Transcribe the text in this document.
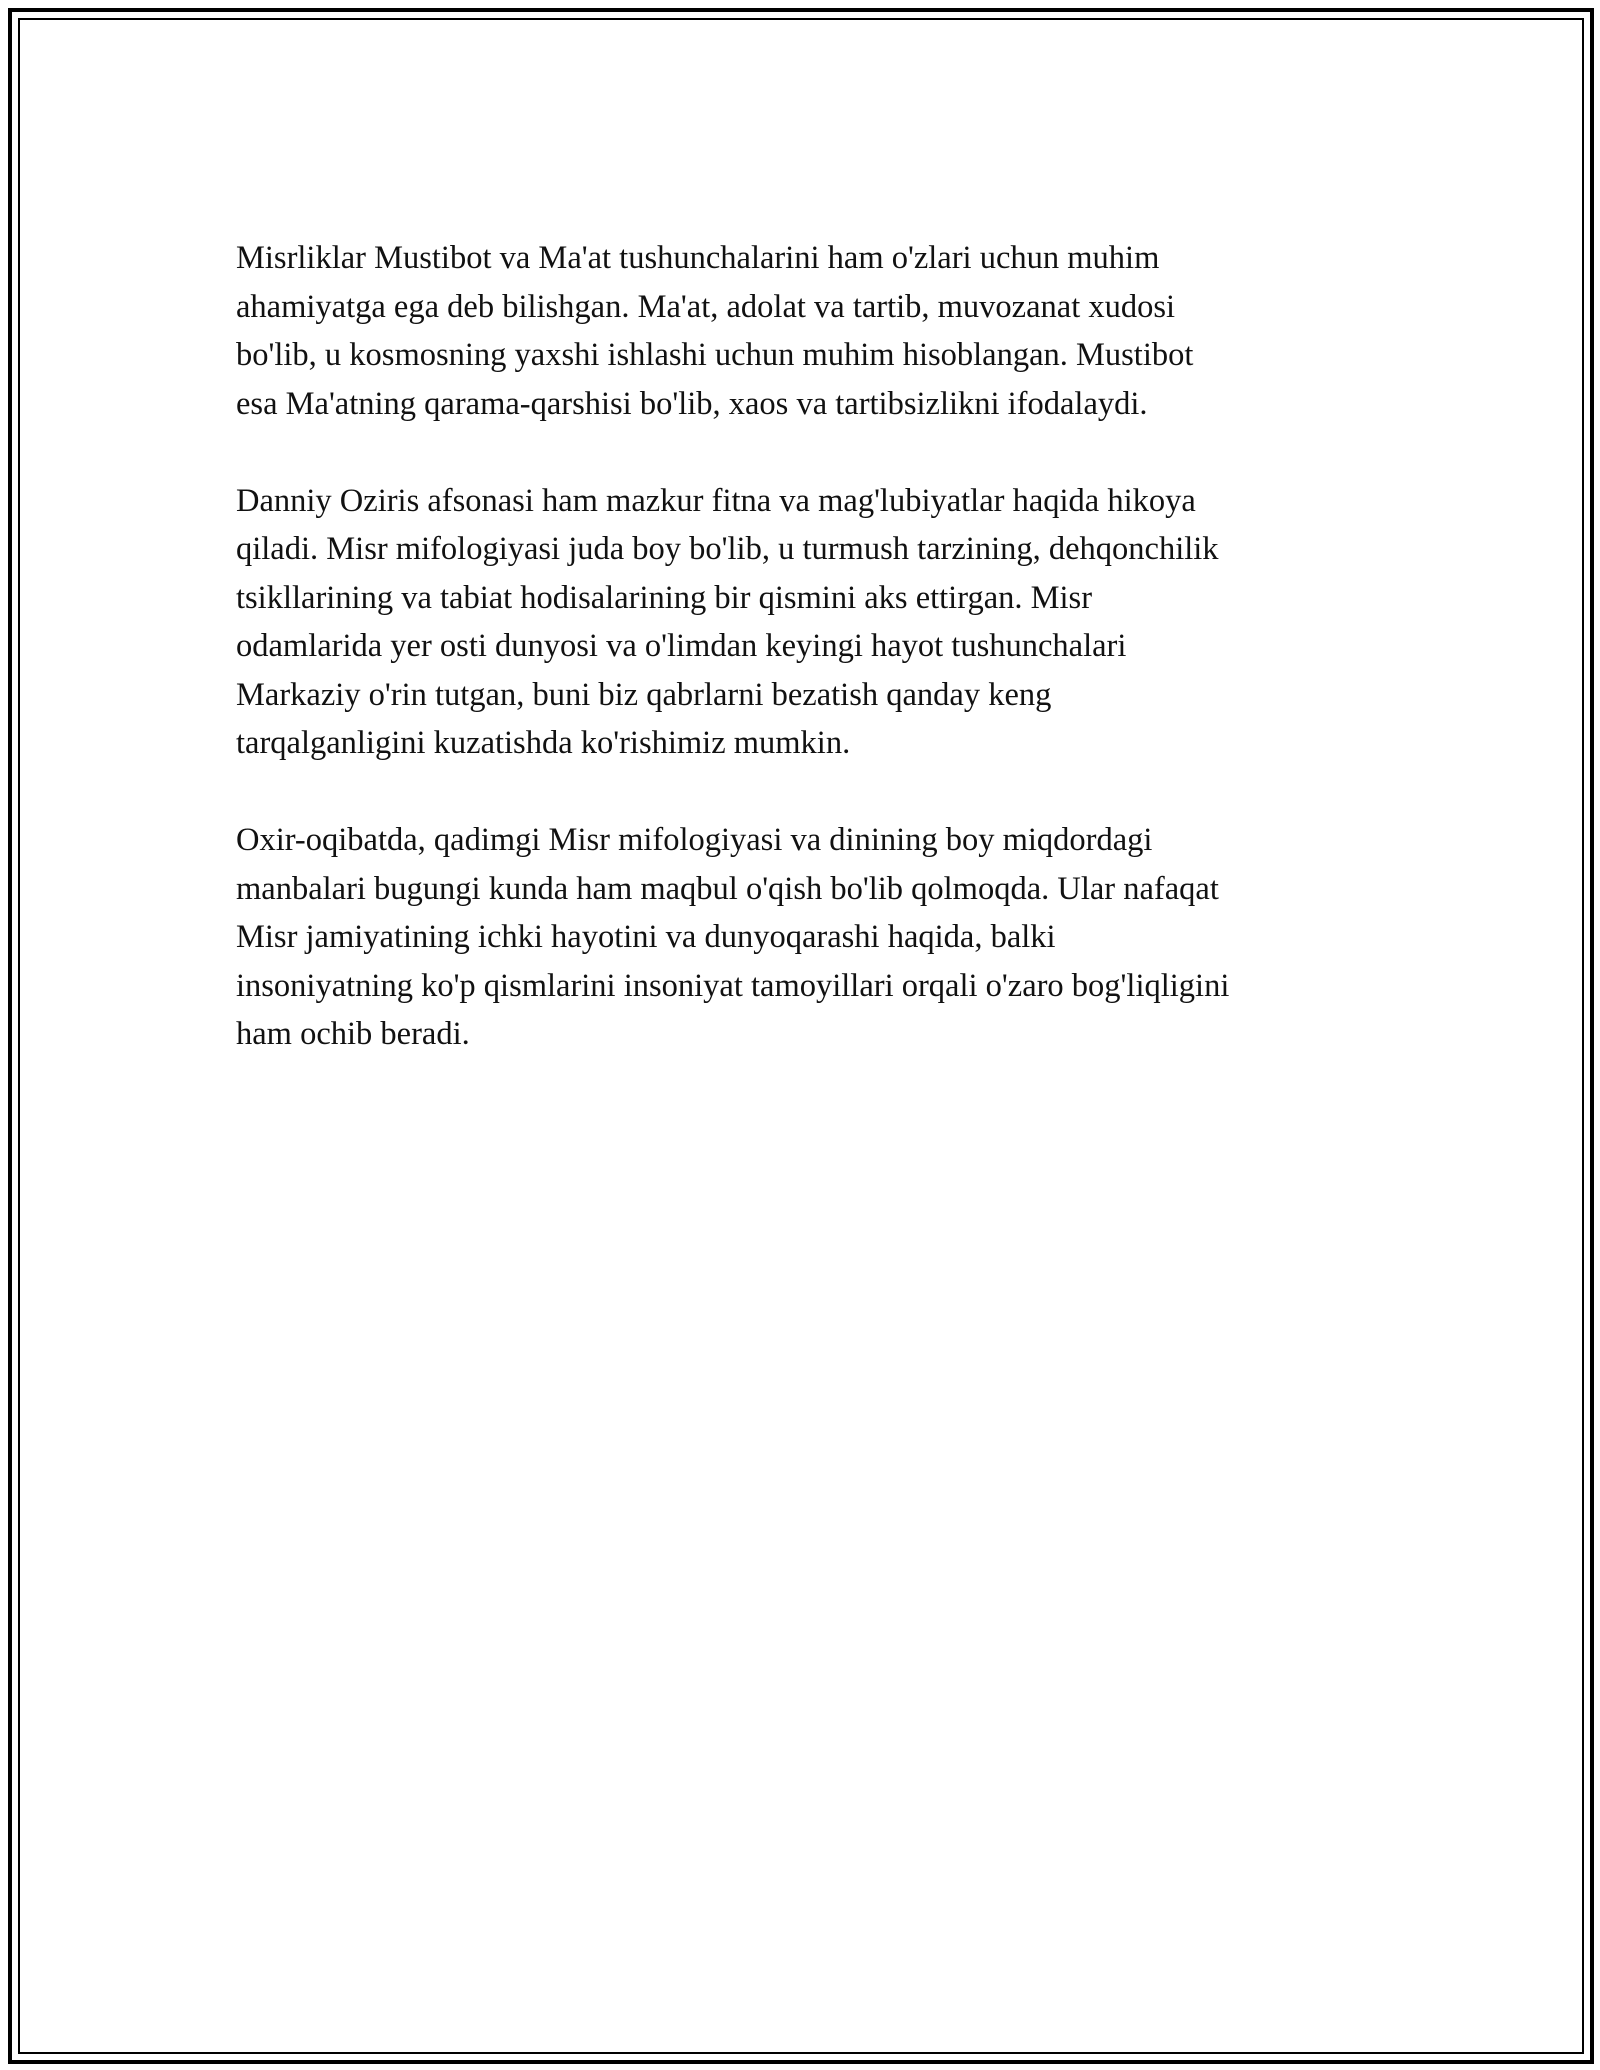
Misrliklar Mustibot va Ma'at tushunchalarini ham o'zlari uchun muhim
ahamiyatga ega deb bilishgan. Ma'at, adolat va tartib, muvozanat xudosi
bo'lib, u kosmosning yaxshi ishlashi uchun muhim hisoblangan. Mustibot
esa Ma'atning qarama-qarshisi bo'lib, xaos va tartibsizlikni ifodalaydi.

Danniy Oziris afsonasi ham mazkur fitna va mag'lubiyatlar haqida hikoya
qiladi. Misr mifologiyasi juda boy bo'lib, u turmush tarzining, dehqonchilik
tsikllarining va tabiat hodisalarining bir qismini aks ettirgan. Misr
odamlarida yer osti dunyosi va o'limdan keyingi hayot tushunchalari
Markaziy o'rin tutgan, buni biz qabrlarni bezatish qanday keng
tarqalganligini kuzatishda ko'rishimiz mumkin.

Oxir-oqibatda, qadimgi Misr mifologiyasi va dinining boy miqdordagi
manbalari bugungi kunda ham maqbul o'qish bo'lib qolmoqda. Ular nafaqat
Misr jamiyatining ichki hayotini va dunyoqarashi haqida, balki
insoniyatning ko'p qismlarini insoniyat tamoyillari orqali o'zaro bog'liqligini
ham ochib beradi.
